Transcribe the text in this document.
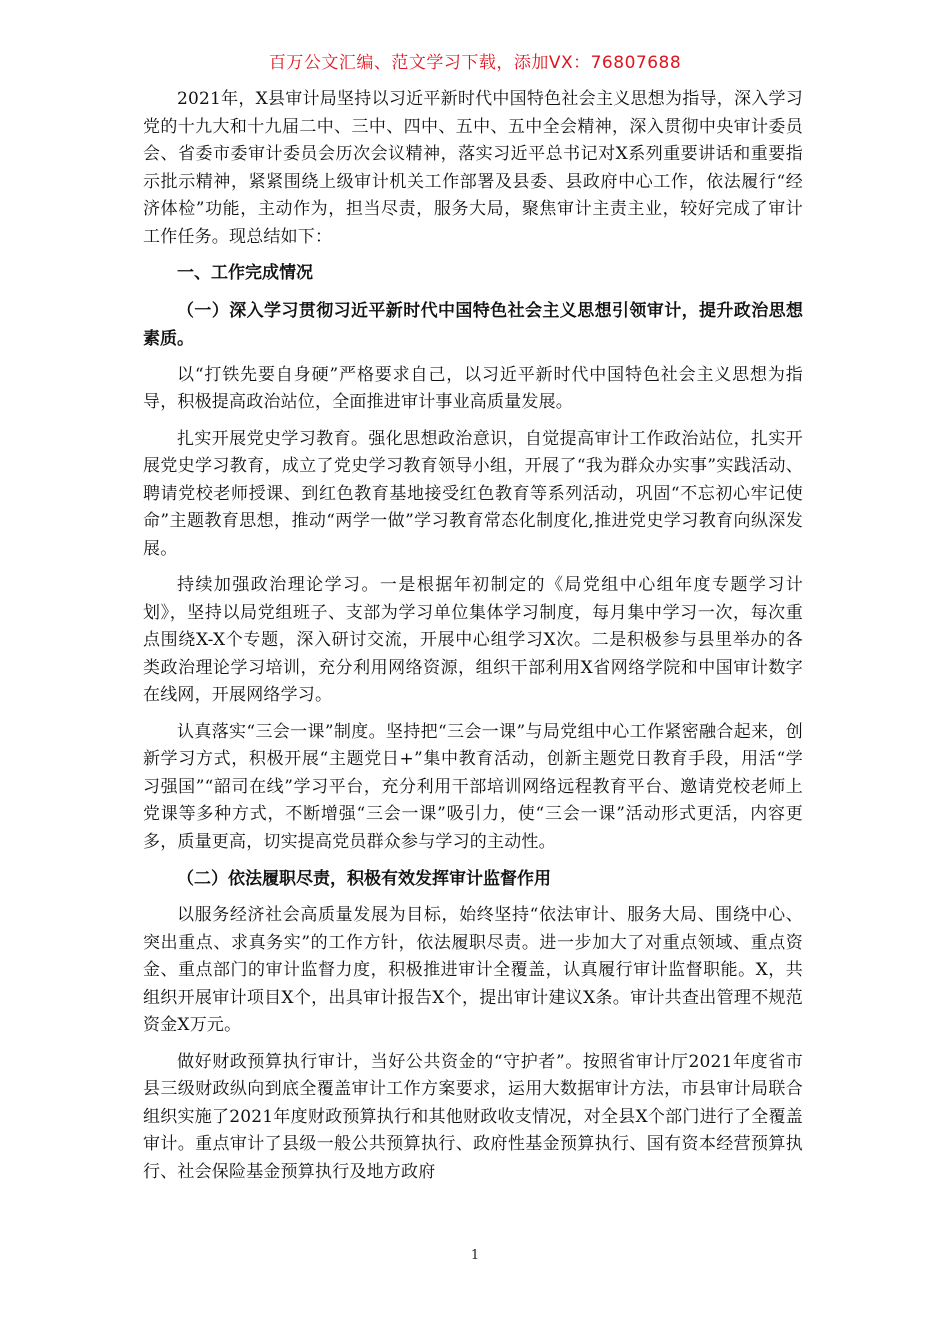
百万公文汇编、范文学习下载，添加VX：76807688

2021年，X县审计局坚持以习近平新时代中国特色社会主义思想为指导，深入学习党的十九大和十九届二中、三中、四中、五中、五中全会精神，深入贯彻中央审计委员会、省委市委审计委员会历次会议精神，落实习近平总书记对X系列重要讲话和重要指示批示精神，紧紧围绕上级审计机关工作部署及县委、县政府中心工作，依法履行“经济体检”功能，主动作为，担当尽责，服务大局，聚焦审计主责主业，较好完成了审计工作任务。现总结如下：

一、工作完成情况

（一）深入学习贯彻习近平新时代中国特色社会主义思想引领审计，提升政治思想素质。

以“打铁先要自身硬”严格要求自己，以习近平新时代中国特色社会主义思想为指导，积极提高政治站位，全面推进审计事业高质量发展。

扎实开展党史学习教育。强化思想政治意识，自觉提高审计工作政治站位，扎实开展党史学习教育，成立了党史学习教育领导小组，开展了“我为群众办实事”实践活动、聘请党校老师授课、到红色教育基地接受红色教育等系列活动，巩固“不忘初心牢记使命”主题教育思想，推动“两学一做”学习教育常态化制度化,推进党史学习教育向纵深发展。

持续加强政治理论学习。一是根据年初制定的《局党组中心组年度专题学习计划》，坚持以局党组班子、支部为学习单位集体学习制度，每月集中学习一次，每次重点围绕X-X个专题，深入研讨交流，开展中心组学习X次。二是积极参与县里举办的各类政治理论学习培训，充分利用网络资源，组织干部利用X省网络学院和中国审计数字在线网，开展网络学习。

认真落实“三会一课”制度。坚持把“三会一课”与局党组中心工作紧密融合起来，创新学习方式，积极开展“主题党日+”集中教育活动，创新主题党日教育手段，用活“学习强国”“韶司在线”学习平台，充分利用干部培训网络远程教育平台、邀请党校老师上党课等多种方式，不断增强“三会一课”吸引力，使“三会一课”活动形式更活，内容更多，质量更高，切实提高党员群众参与学习的主动性。

（二）依法履职尽责，积极有效发挥审计监督作用

以服务经济社会高质量发展为目标，始终坚持“依法审计、服务大局、围绕中心、突出重点、求真务实”的工作方针，依法履职尽责。进一步加大了对重点领域、重点资金、重点部门的审计监督力度，积极推进审计全覆盖，认真履行审计监督职能。X，共组织开展审计项目X个，出具审计报告X个，提出审计建议X条。审计共查出管理不规范资金X万元。

做好财政预算执行审计，当好公共资金的“守护者”。按照省审计厅2021年度省市县三级财政纵向到底全覆盖审计工作方案要求，运用大数据审计方法，市县审计局联合组织实施了2021年度财政预算执行和其他财政收支情况，对全县X个部门进行了全覆盖审计。重点审计了县级一般公共预算执行、政府性基金预算执行、国有资本经营预算执行、社会保险基金预算执行及地方政府

1
